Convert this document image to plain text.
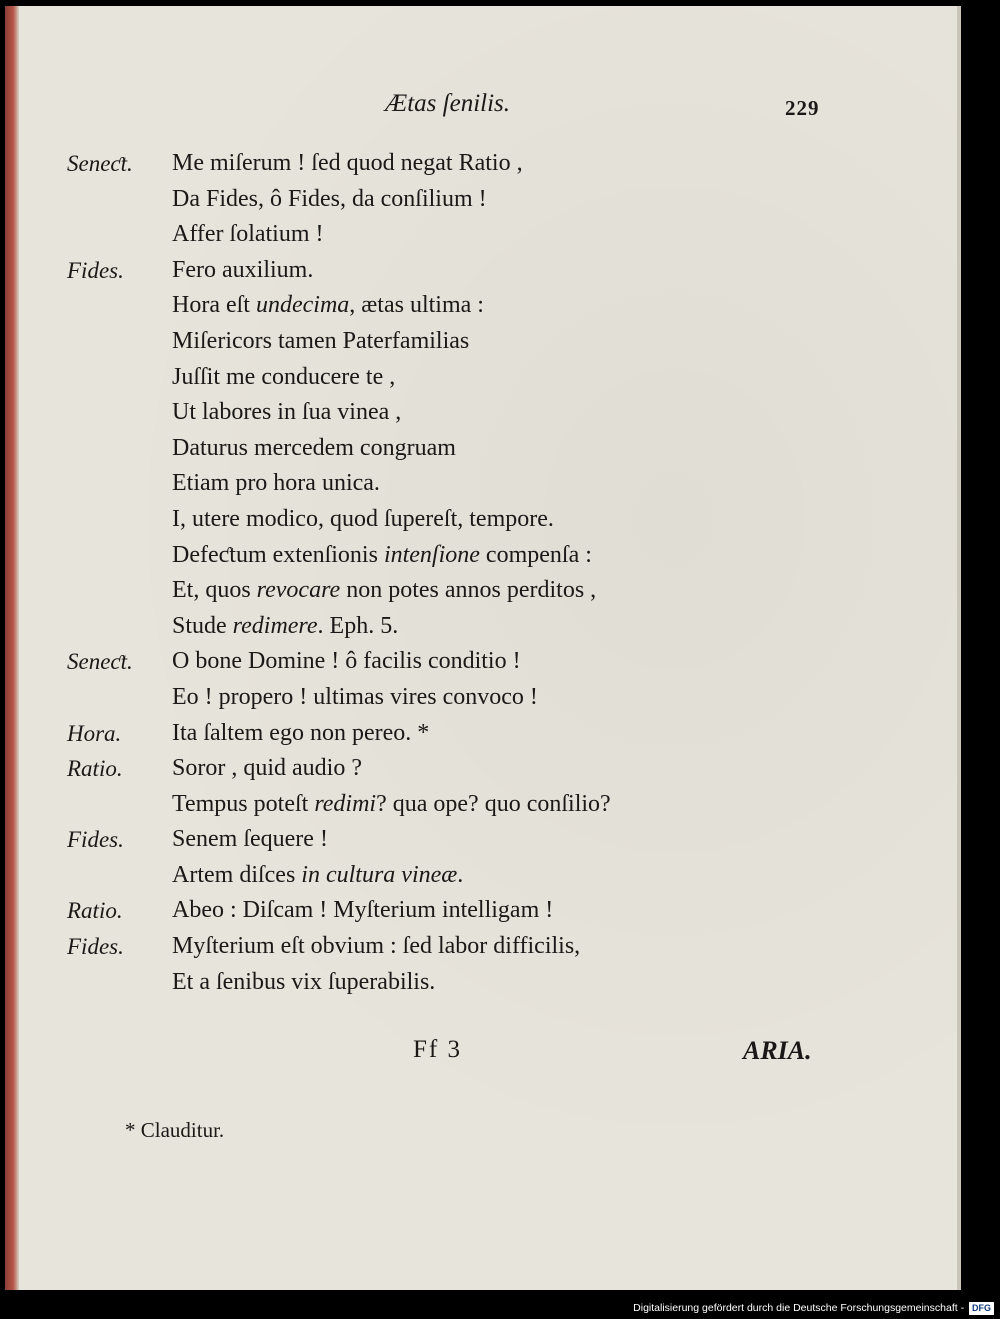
Ætas ſenilis.	229
Seneƈt. Me miſerum ! ſed quod negat Ratio ,
Da Fides, ô Fides, da conſilium !
Affer ſolatium !
Fides. Fero auxilium.
Hora eſt undecima, ætas ultima :
Miſericors tamen Paterfamilias
Juſſit me conducere te ,
Ut labores in ſua vinea ,
Daturus mercedem congruam
Etiam pro hora unica.
I, utere modico, quod ſupereſt, tempore.
Defeƈtum extenſionis intenſione compenſa :
Et, quos revocare non potes annos perditos ,
Stude redimere. Eph. 5.
Seneƈt. O bone Domine ! ô facilis conditio !
Eo ! propero ! ultimas vires convoco !
Hora. Ita ſaltem ego non pereo. *
Ratio. Soror , quid audio ?
Tempus poteſt redimi? qua ope? quo conſilio?
Fides. Senem ſequere !
Artem diſces in cultura vineæ.
Ratio. Abeo : Diſcam ! Myſterium intelligam !
Fides. Myſterium eſt obvium : ſed labor difficilis,
Et a ſenibus vix ſuperabilis.
Ff 3	ARIA.
* Clauditur.
Digitalisierung gefördert durch die Deutsche Forschungsgemeinschaft - DFG
